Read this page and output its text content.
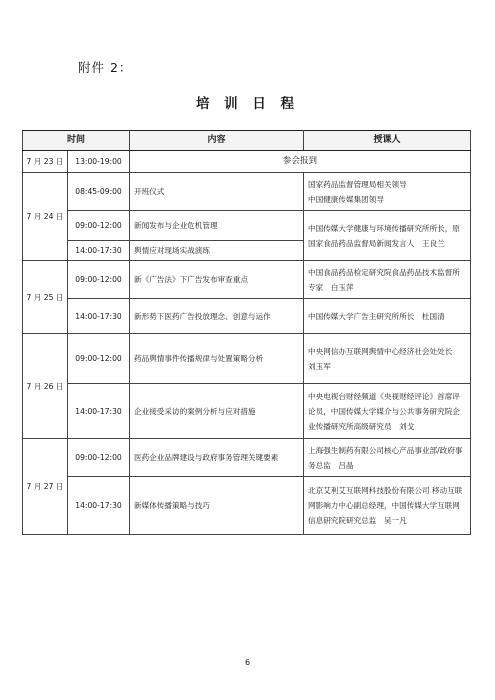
附件 2：
培 训 日 程
时间		内容	授课人
7 月 23 日	13:00-19:00	参会报到	
7 月 24 日	08:45-09:00	开班仪式	国家药品监督管理局相关领导
中国健康传媒集团领导
	09:00-12:00	新闻发布与企业危机管理	中国传媒大学健康与环境传播研究所所长，原国家食品药品监督局新闻发言人　王良兰
	14:00-17:30	舆情应对现场实战演练	
7 月 25 日	09:00-12:00	新《广告法》下广告发布审查重点	中国食品药品检定研究院食品药品技术监督所专家　白玉萍
	14:00-17:30	新形势下医药广告投放理念、创意与运作	中国传媒大学广告主研究所所长　杜国清
7 月 26 日	09:00-12:00	药品舆情事件传播规律与处置策略分析	中央网信办互联网舆情中心经济社会处处长　刘玉军
	14:00-17:30	企业接受采访的案例分析与应对措施	中央电视台财经频道《央视财经评论》首席评论员，中国传媒大学媒介与公共事务研究院企业传播研究所高级研究员　刘戈
7 月 27 日	09:00-12:00	医药企业品牌建设与政府事务管理关键要素	上海强生制药有限公司核心产品事业部/政府事务总监　吕晶
	14:00-17:30	新媒体传播策略与技巧	北京艾利艾互联网科技股份有限公司 移动互联网影响力中心副总经理，中国传媒大学互联网信息研究院研究总监　吴一凡
6
